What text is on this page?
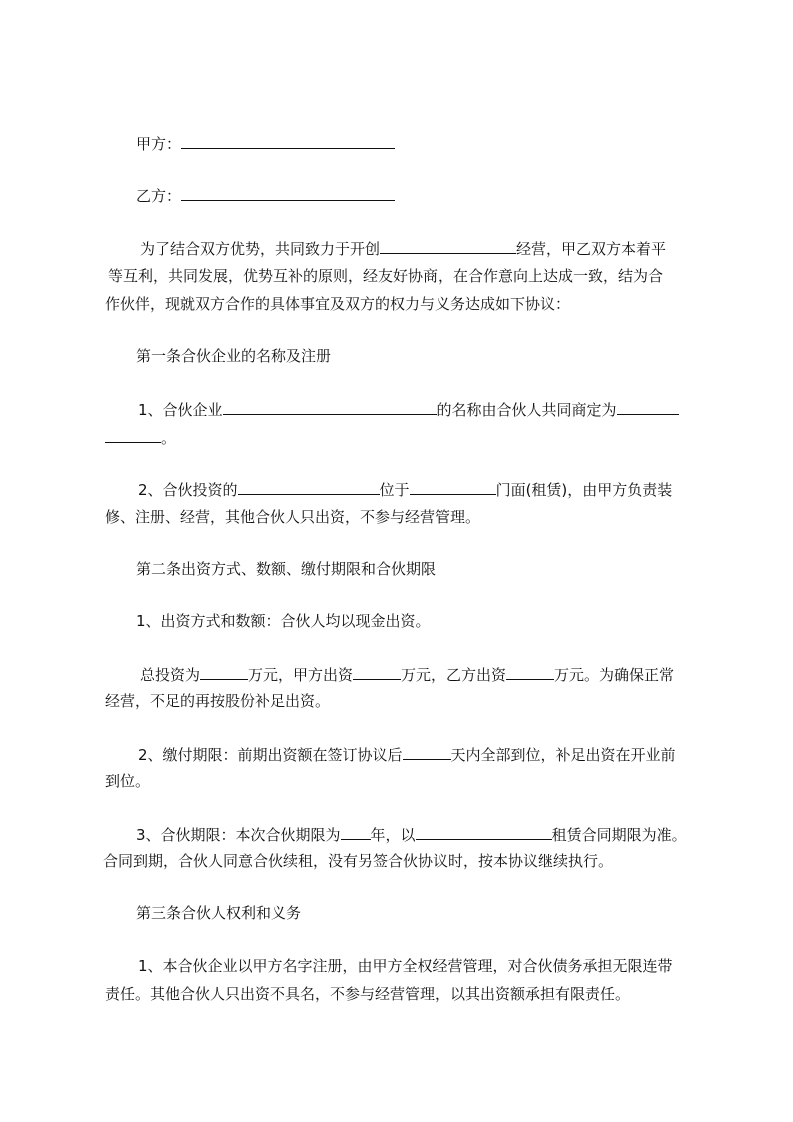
甲方：
乙方：
为了结合双方优势，共同致力于开创	经营，甲乙双方本着平
等互利，共同发展，优势互补的原则，经友好协商，在合作意向上达成一致，结为合
作伙伴，现就双方合作的具体事宜及双方的权力与义务达成如下协议：
第一条合伙企业的名称及注册
1、合伙企业	的名称由合伙人共同商定为
。
2、合伙投资的	位于	门面(租赁)，由甲方负责装
修、注册、经营，其他合伙人只出资，不参与经营管理。
第二条出资方式、数额、缴付期限和合伙期限
1、出资方式和数额：合伙人均以现金出资。
总投资为	万元，甲方出资	万元，乙方出资	万元。为确保正常
经营，不足的再按股份补足出资。
2、缴付期限：前期出资额在签订协议后	天内全部到位，补足出资在开业前
到位。
3、合伙期限：本次合伙期限为 年，以	租赁合同期限为准。
合同到期，合伙人同意合伙续租，没有另签合伙协议时，按本协议继续执行。
第三条合伙人权利和义务
1、本合伙企业以甲方名字注册，由甲方全权经营管理，对合伙债务承担无限连带
责任。其他合伙人只出资不具名，不参与经营管理，以其出资额承担有限责任。
